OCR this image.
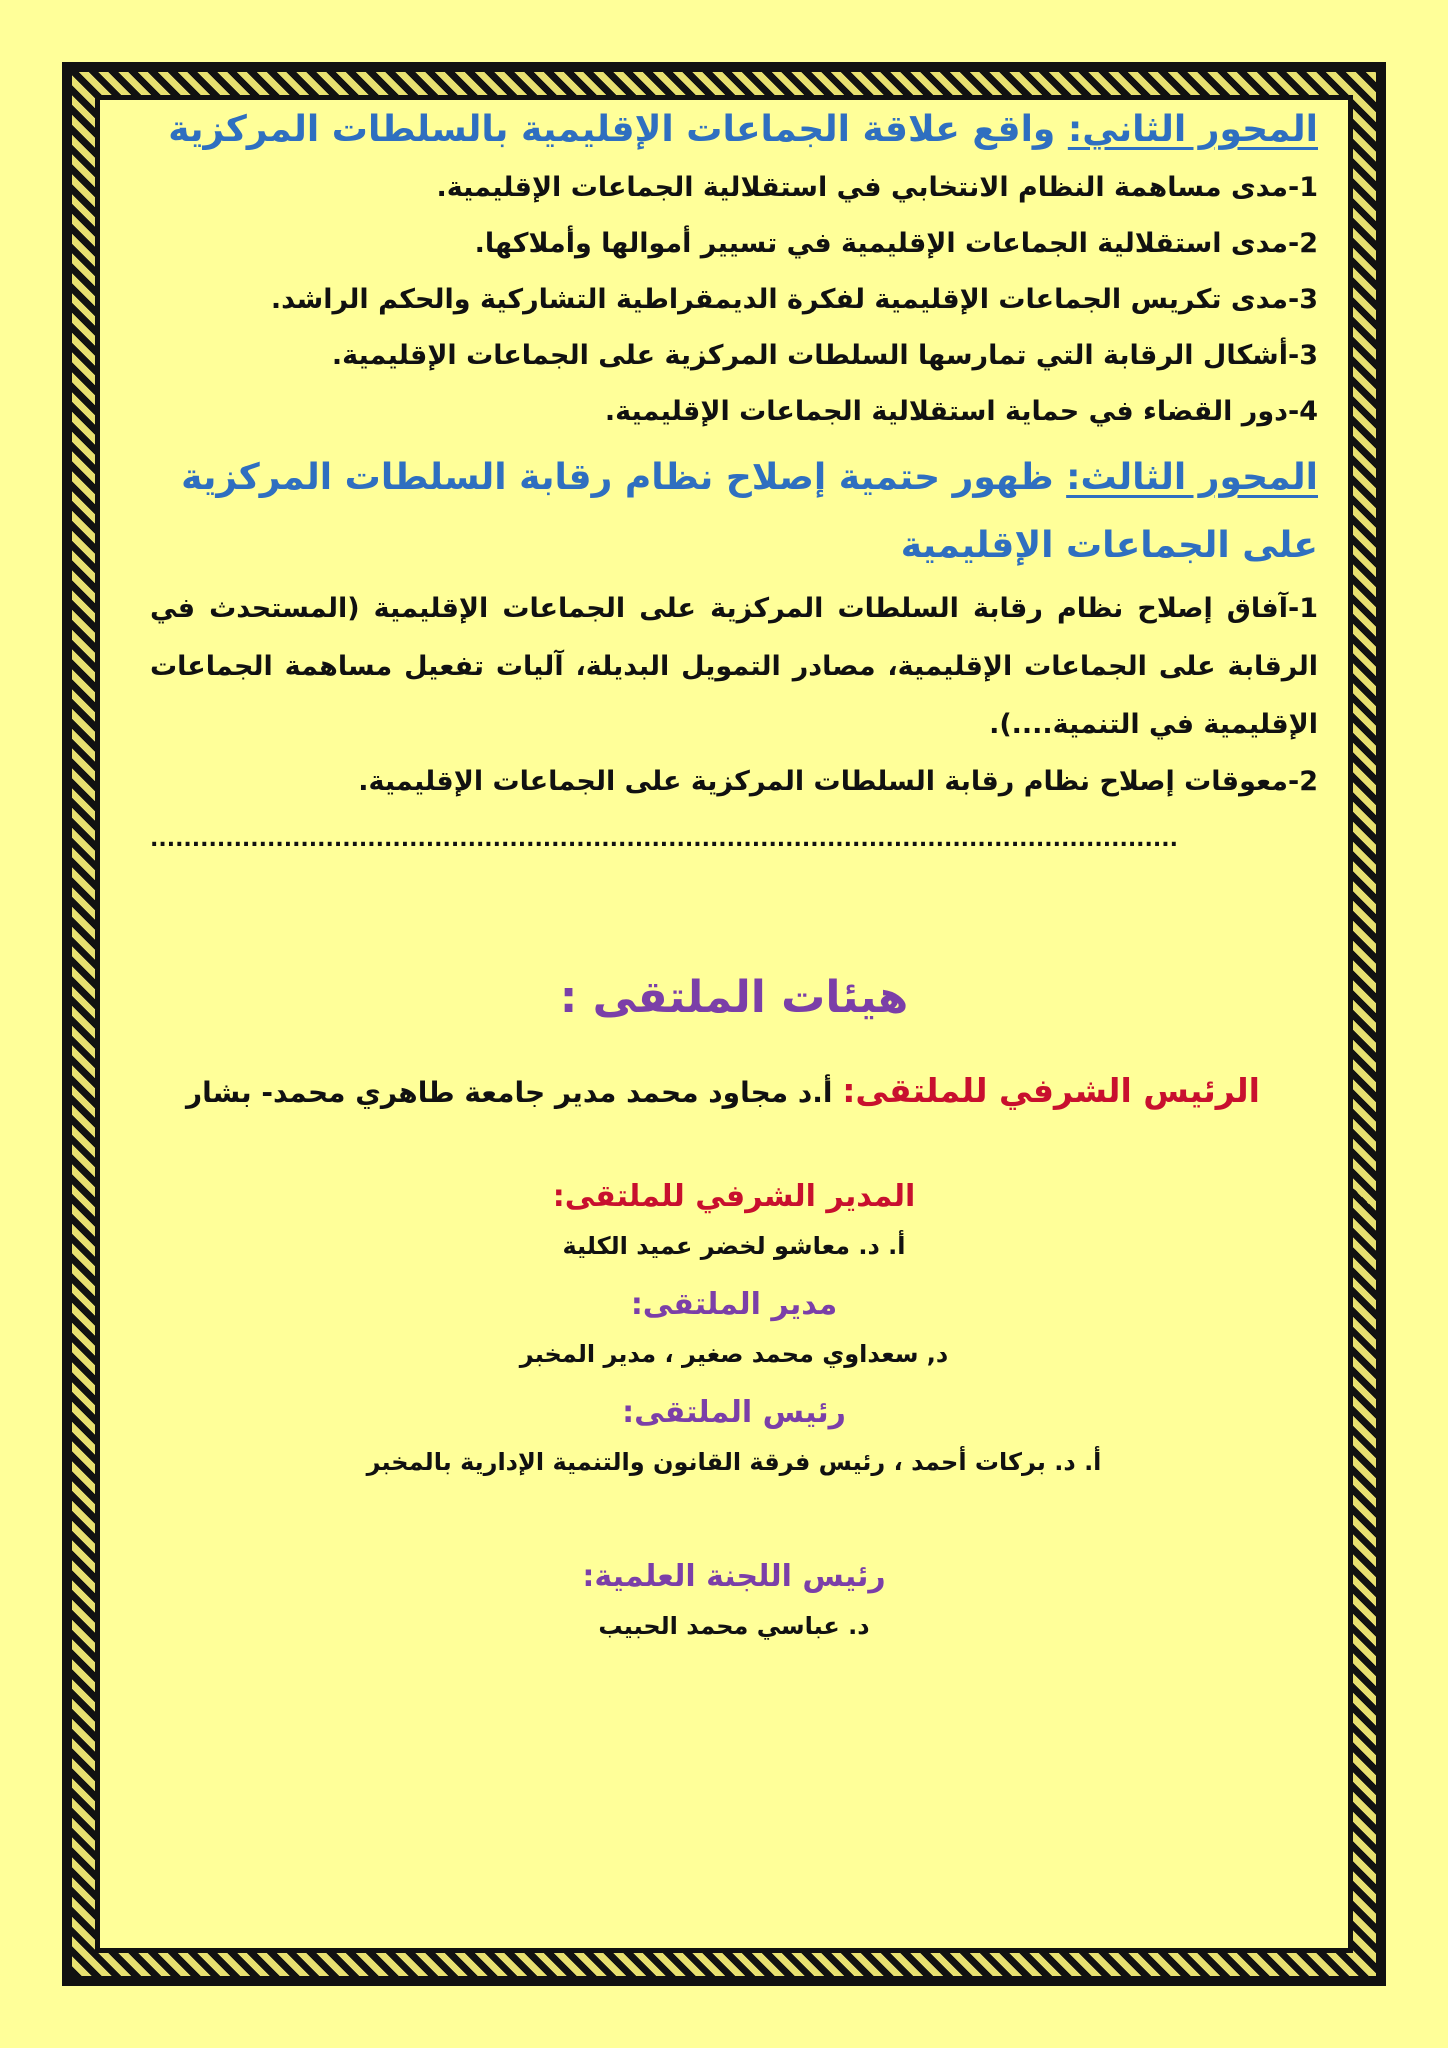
المحور الثاني: واقع علاقة الجماعات الإقليمية بالسلطات المركزية

1-مدى مساهمة النظام الانتخابي في استقلالية الجماعات الإقليمية.

2-مدى استقلالية الجماعات الإقليمية في تسيير أموالها وأملاكها.

3-مدى تكريس الجماعات الإقليمية لفكرة الديمقراطية التشاركية والحكم الراشد.

3-أشكال الرقابة التي تمارسها السلطات المركزية على الجماعات الإقليمية.

4-دور القضاء في حماية استقلالية الجماعات الإقليمية.

المحور الثالث: ظهور حتمية إصلاح نظام رقابة السلطات المركزية على الجماعات الإقليمية

1-آفاق إصلاح نظام رقابة السلطات المركزية على الجماعات الإقليمية (المستحدث في الرقابة على الجماعات الإقليمية، مصادر التمويل البديلة، آليات تفعيل مساهمة الجماعات الإقليمية في التنمية....).

2-معوقات إصلاح نظام رقابة السلطات المركزية على الجماعات الإقليمية.

...........................................................................................................................

هيئات الملتقى :

الرئيس الشرفي للملتقى: أ.د مجاود محمد مدير جامعة طاهري محمد- بشار

المدير الشرفي للملتقى:

أ. د. معاشو لخضر عميد الكلية

مدير الملتقى:

د, سعداوي محمد صغير ، مدير المخبر

رئيس الملتقى:

أ. د. بركات أحمد ، رئيس فرقة القانون والتنمية الإدارية بالمخبر

رئيس اللجنة العلمية:

د. عباسي محمد الحبيب
